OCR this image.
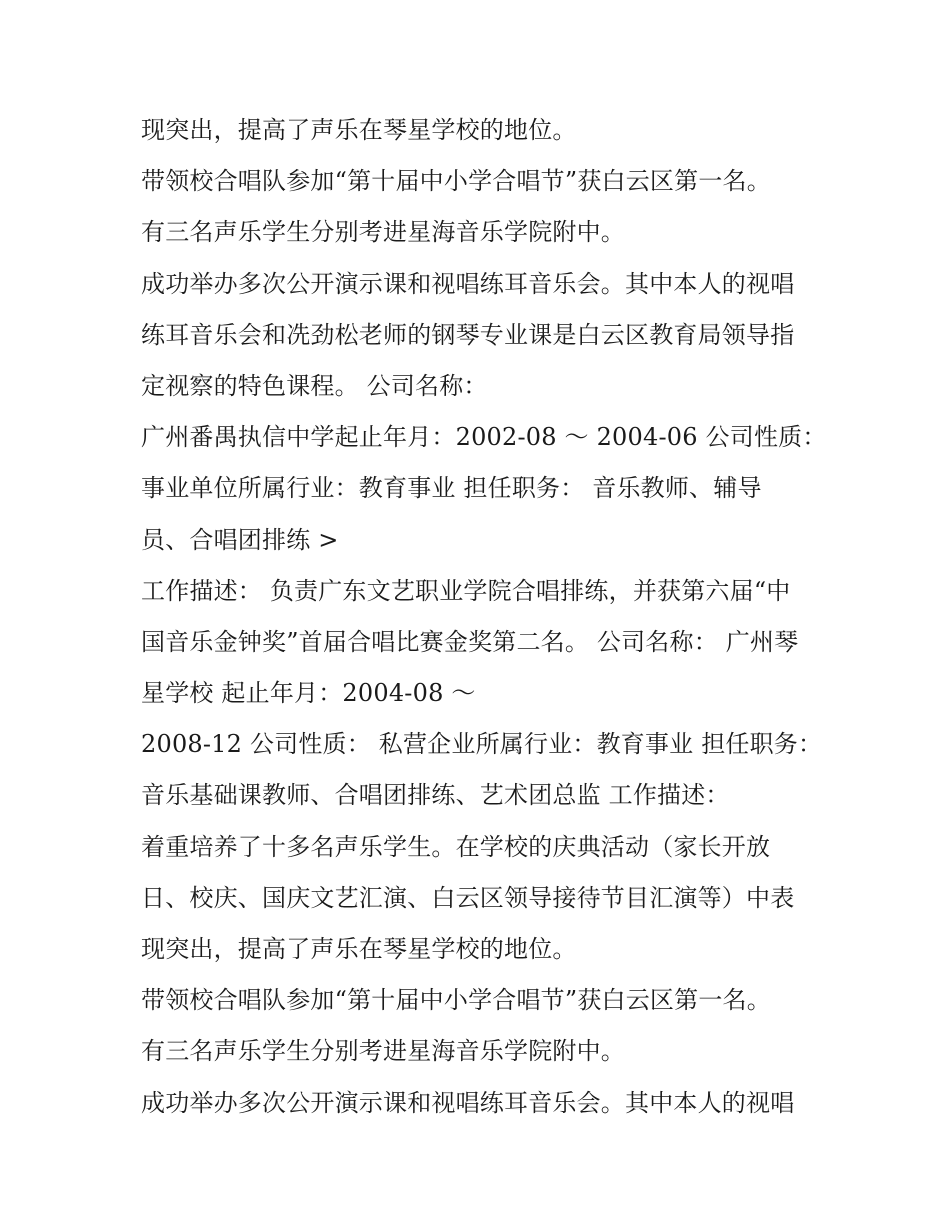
现突出，提高了声乐在琴星学校的地位。
带领校合唱队参加“第十届中小学合唱节”获白云区第一名。
有三名声乐学生分别考进星海音乐学院附中。
成功举办多次公开演示课和视唱练耳音乐会。其中本人的视唱
练耳音乐会和冼劲松老师的钢琴专业课是白云区教育局领导指
定视察的特色课程。 公司名称：
广州番禺执信中学起止年月：2002-08 ～ 2004-06 公司性质：
事业单位所属行业：教育事业 担任职务： 音乐教师、辅导
员、合唱团排练 >
工作描述： 负责广东文艺职业学院合唱排练，并获第六届“中
国音乐金钟奖”首届合唱比赛金奖第二名。 公司名称： 广州琴
星学校 起止年月：2004-08 ～
2008-12 公司性质： 私营企业所属行业：教育事业 担任职务：
音乐基础课教师、合唱团排练、艺术团总监 工作描述：
着重培养了十多名声乐学生。在学校的庆典活动（家长开放
日、校庆、国庆文艺汇演、白云区领导接待节目汇演等）中表
现突出，提高了声乐在琴星学校的地位。
带领校合唱队参加“第十届中小学合唱节”获白云区第一名。
有三名声乐学生分别考进星海音乐学院附中。
成功举办多次公开演示课和视唱练耳音乐会。其中本人的视唱
